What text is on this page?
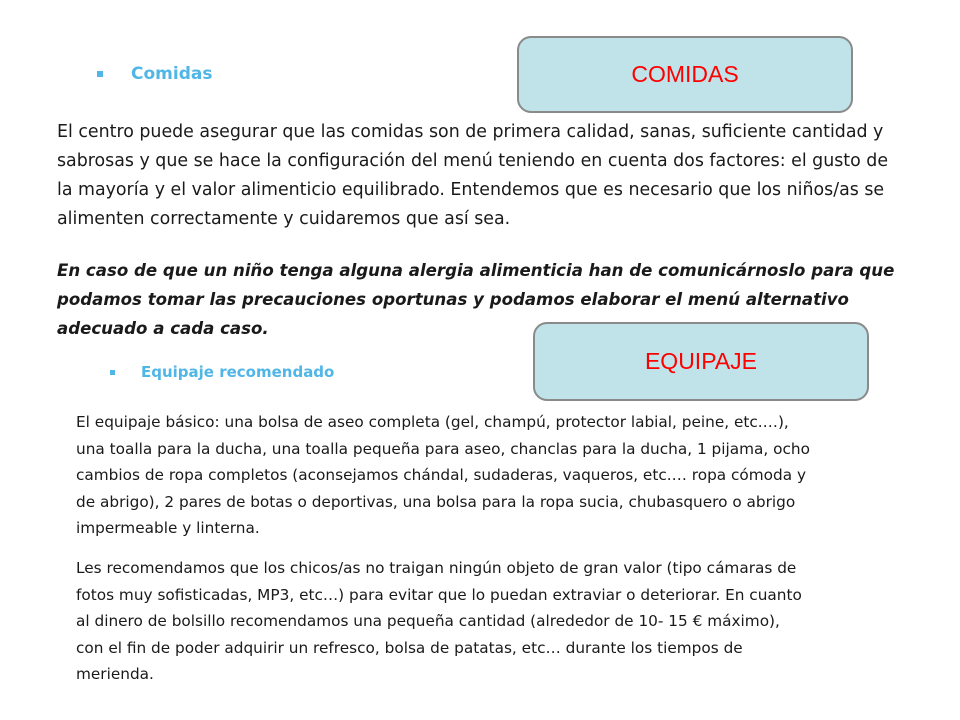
Comidas	COMIDAS

El centro puede asegurar que las comidas son de primera calidad, sanas, suficiente cantidad y
sabrosas y que se hace la configuración del menú teniendo en cuenta dos factores: el gusto de
la mayoría y el valor alimenticio equilibrado. Entendemos que es necesario que los niños/as se
alimenten correctamente y cuidaremos que así sea.

En caso de que un niño tenga alguna alergia alimenticia han de comunicárnoslo para que
podamos tomar las precauciones oportunas y podamos elaborar el menú alternativo
adecuado a cada caso.

Equipaje recomendado	EQUIPAJE

El equipaje básico: una bolsa de aseo completa (gel, champú, protector labial, peine, etc.…),
una toalla para la ducha, una toalla pequeña para aseo, chanclas para la ducha, 1 pijama, ocho
cambios de ropa completos (aconsejamos chándal, sudaderas, vaqueros, etc.… ropa cómoda y
de abrigo), 2 pares de botas o deportivas, una bolsa para la ropa sucia, chubasquero o abrigo
impermeable y linterna.

Les recomendamos que los chicos/as no traigan ningún objeto de gran valor (tipo cámaras de
fotos muy sofisticadas, MP3, etc…) para evitar que lo puedan extraviar o deteriorar. En cuanto
al dinero de bolsillo recomendamos una pequeña cantidad (alrededor de 10- 15 € máximo),
con el fin de poder adquirir un refresco, bolsa de patatas, etc… durante los tiempos de
merienda.
